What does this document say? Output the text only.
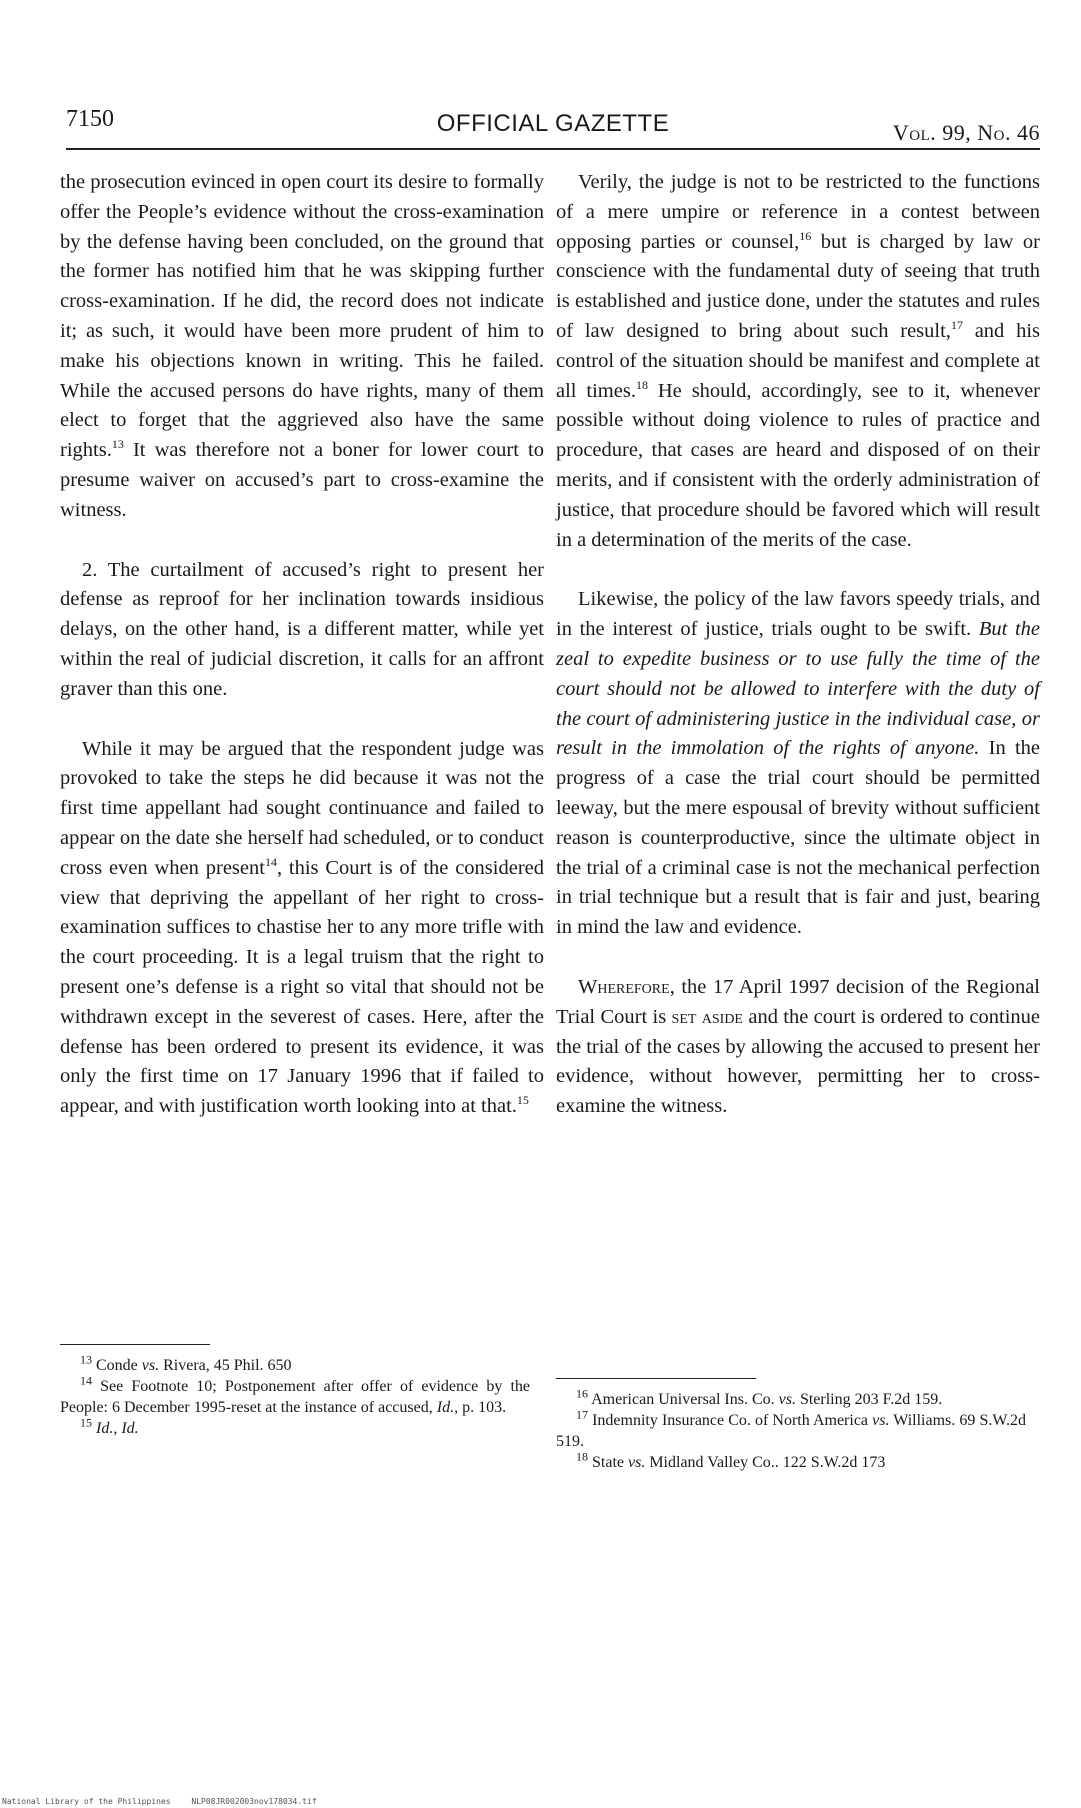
7150	OFFICIAL GAZETTE	Vol. 99, No. 46

the prosecution evinced in open court its desire to formally offer the People’s evidence without the cross-examination by the defense having been concluded, on the ground that the former has notified him that he was skipping further cross-examination. If he did, the record does not indicate it; as such, it would have been more prudent of him to make his objections known in writing. This he failed. While the accused persons do have rights, many of them elect to forget that the aggrieved also have the same rights.$^{13}$ It was therefore not a boner for lower court to presume waiver on accused’s part to cross-examine the witness.

2. The curtailment of accused’s right to present her defense as reproof for her inclination towards insidious delays, on the other hand, is a different matter, while yet within the real of judicial discretion, it calls for an affront graver than this one.

While it may be argued that the respondent judge was provoked to take the steps he did because it was not the first time appellant had sought continuance and failed to appear on the date she herself had scheduled, or to conduct cross even when present$^{14}$, this Court is of the considered view that depriving the appellant of her right to cross-examination suffices to chastise her to any more trifle with the court proceeding. It is a legal truism that the right to present one’s defense is a right so vital that should not be withdrawn except in the severest of cases. Here, after the defense has been ordered to present its evidence, it was only the first time on 17 January 1996 that if failed to appear, and with justification worth looking into at that.$^{15}$

Verily, the judge is not to be restricted to the functions of a mere umpire or reference in a contest between opposing parties or counsel,$^{16}$ but is charged by law or conscience with the fundamental duty of seeing that truth is established and justice done, under the statutes and rules of law designed to bring about such result,$^{17}$ and his control of the situation should be manifest and complete at all times.$^{18}$ He should, accordingly, see to it, whenever possible without doing violence to rules of practice and procedure, that cases are heard and disposed of on their merits, and if consistent with the orderly administration of justice, that procedure should be favored which will result in a determination of the merits of the case.

Likewise, the policy of the law favors speedy trials, and in the interest of justice, trials ought to be swift. But the zeal to expedite business or to use fully the time of the court should not be allowed to interfere with the duty of the court of administering justice in the individual case, or result in the immolation of the rights of anyone. In the progress of a case the trial court should be permitted leeway, but the mere espousal of brevity without sufficient reason is counterproductive, since the ultimate object in the trial of a criminal case is not the mechanical perfection in trial technique but a result that is fair and just, bearing in mind the law and evidence.

Wherefore, the 17 April 1997 decision of the Regional Trial Court is set aside and the court is ordered to continue the trial of the cases by allowing the accused to present her evidence, without however, permitting her to cross-examine the witness.

$^{13}$ Conde vs. Rivera, 45 Phil. 650

$^{14}$ See Footnote 10; Postponement after offer of evidence by the People: 6 December 1995-reset at the instance of accused, Id., p. 103.

$^{15}$ Id., Id.

$^{16}$ American Universal Ins. Co. vs. Sterling 203 F.2d 159.

$^{17}$ Indemnity Insurance Co. of North America vs. Williams. 69 S.W.2d 519.

$^{18}$ State vs. Midland Valley Co.. 122 S.W.2d 173

National Library of the Philippines	NLP08JR002003nov178034.tif
